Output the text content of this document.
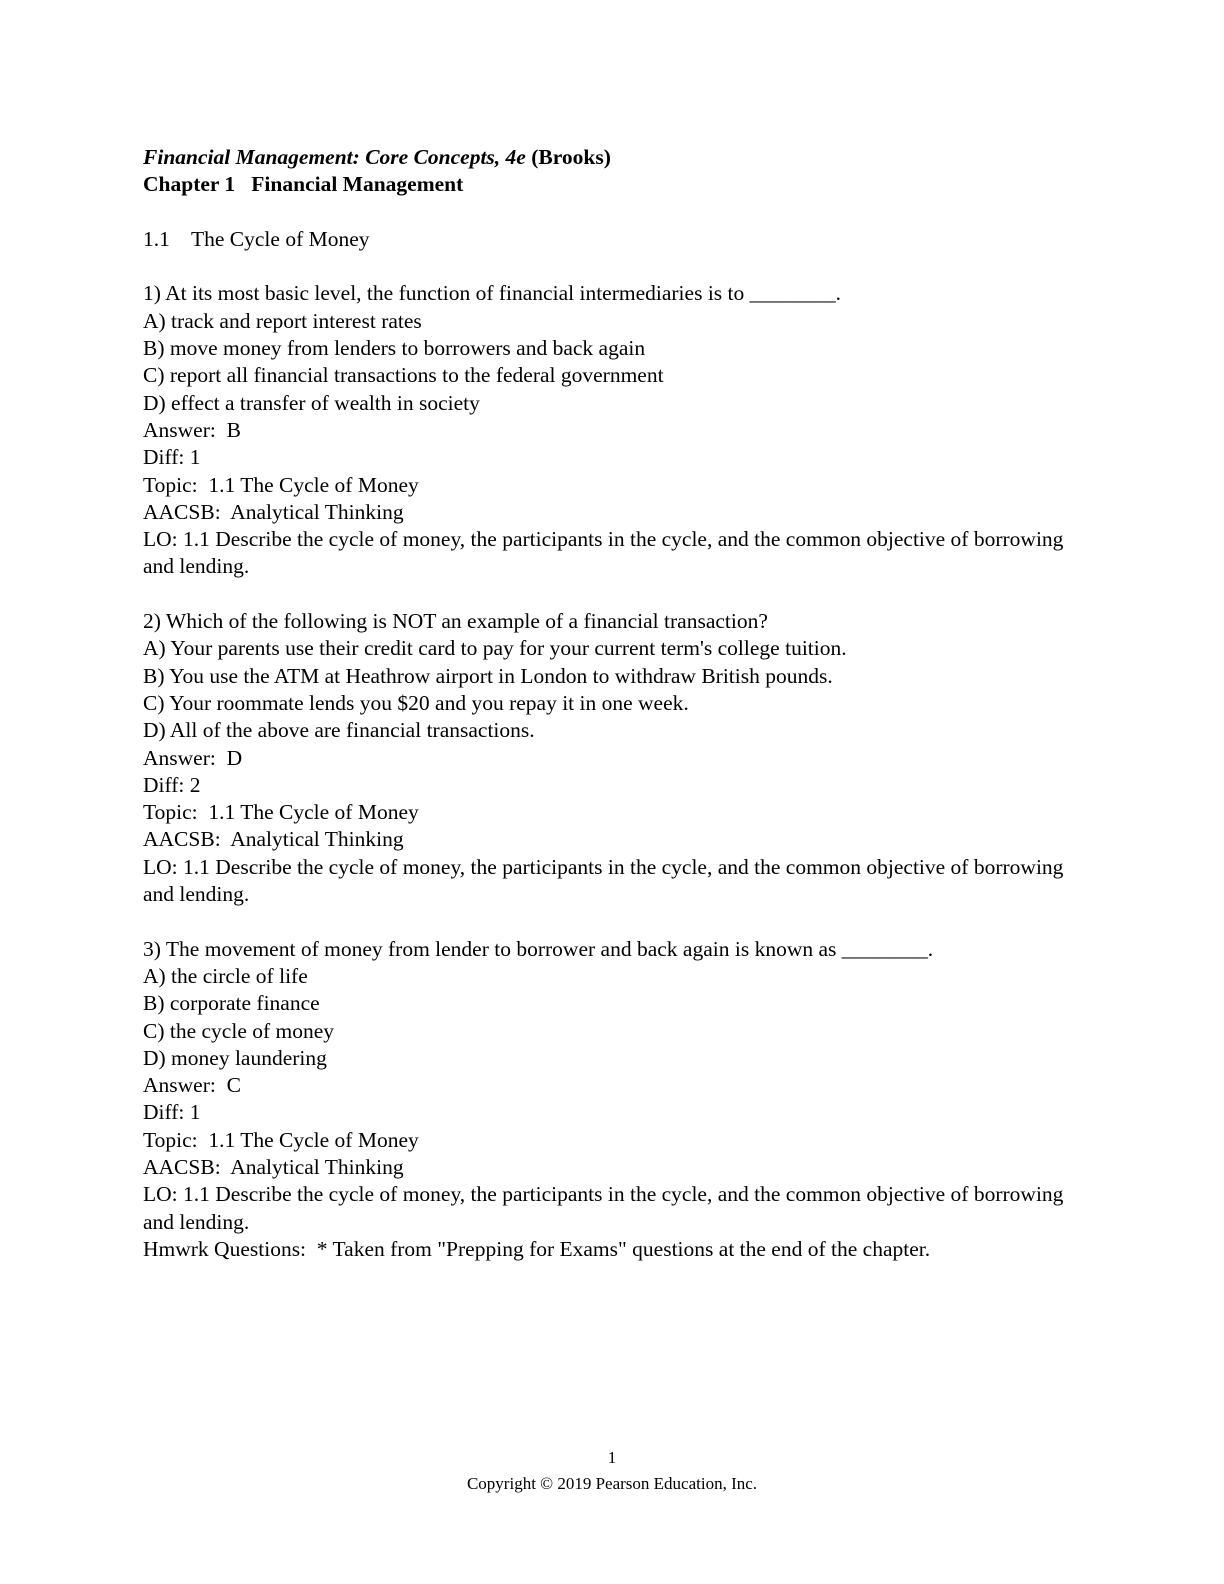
Financial Management: Core Concepts, 4e (Brooks)
Chapter 1   Financial Management
1.1 The Cycle of Money
1) At its most basic level, the function of financial intermediaries is to ________.
A) track and report interest rates
B) move money from lenders to borrowers and back again
C) report all financial transactions to the federal government
D) effect a transfer of wealth in society
Answer:  B
Diff: 1
Topic:  1.1 The Cycle of Money
AACSB:  Analytical Thinking
LO: 1.1 Describe the cycle of money, the participants in the cycle, and the common objective of borrowing and lending.
2) Which of the following is NOT an example of a financial transaction?
A) Your parents use their credit card to pay for your current term's college tuition.
B) You use the ATM at Heathrow airport in London to withdraw British pounds.
C) Your roommate lends you $20 and you repay it in one week.
D) All of the above are financial transactions.
Answer:  D
Diff: 2
Topic:  1.1 The Cycle of Money
AACSB:  Analytical Thinking
LO: 1.1 Describe the cycle of money, the participants in the cycle, and the common objective of borrowing and lending.
3) The movement of money from lender to borrower and back again is known as ________.
A) the circle of life
B) corporate finance
C) the cycle of money
D) money laundering
Answer:  C
Diff: 1
Topic:  1.1 The Cycle of Money
AACSB:  Analytical Thinking
LO: 1.1 Describe the cycle of money, the participants in the cycle, and the common objective of borrowing and lending.
Hmwrk Questions:  * Taken from "Prepping for Exams" questions at the end of the chapter.
1
Copyright © 2019 Pearson Education, Inc.
